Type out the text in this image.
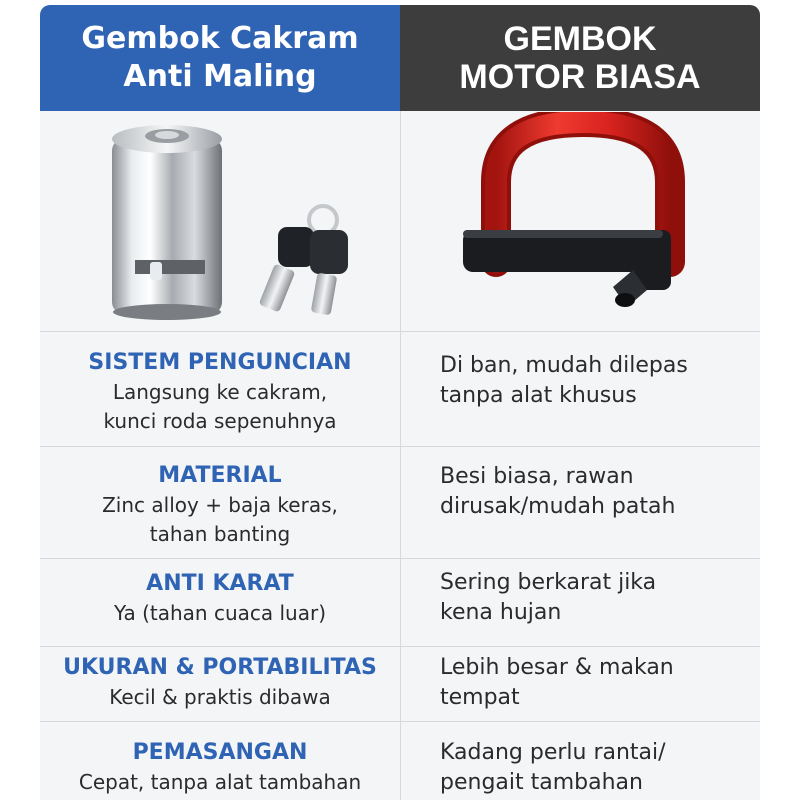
Gembok Cakram
Anti Maling
GEMBOK
MOTOR BIASA
SISTEM PENGUNCIAN
Langsung ke cakram,
kunci roda sepenuhnya
Di ban, mudah dilepas
tanpa alat khusus
MATERIAL
Zinc alloy + baja keras,
tahan banting
Besi biasa, rawan
dirusak/mudah patah
ANTI KARAT
Ya (tahan cuaca luar)
Sering berkarat jika
kena hujan
UKURAN & PORTABILITAS
Kecil & praktis dibawa
Lebih besar & makan
tempat
PEMASANGAN
Cepat, tanpa alat tambahan
Kadang perlu rantai/
pengait tambahan
